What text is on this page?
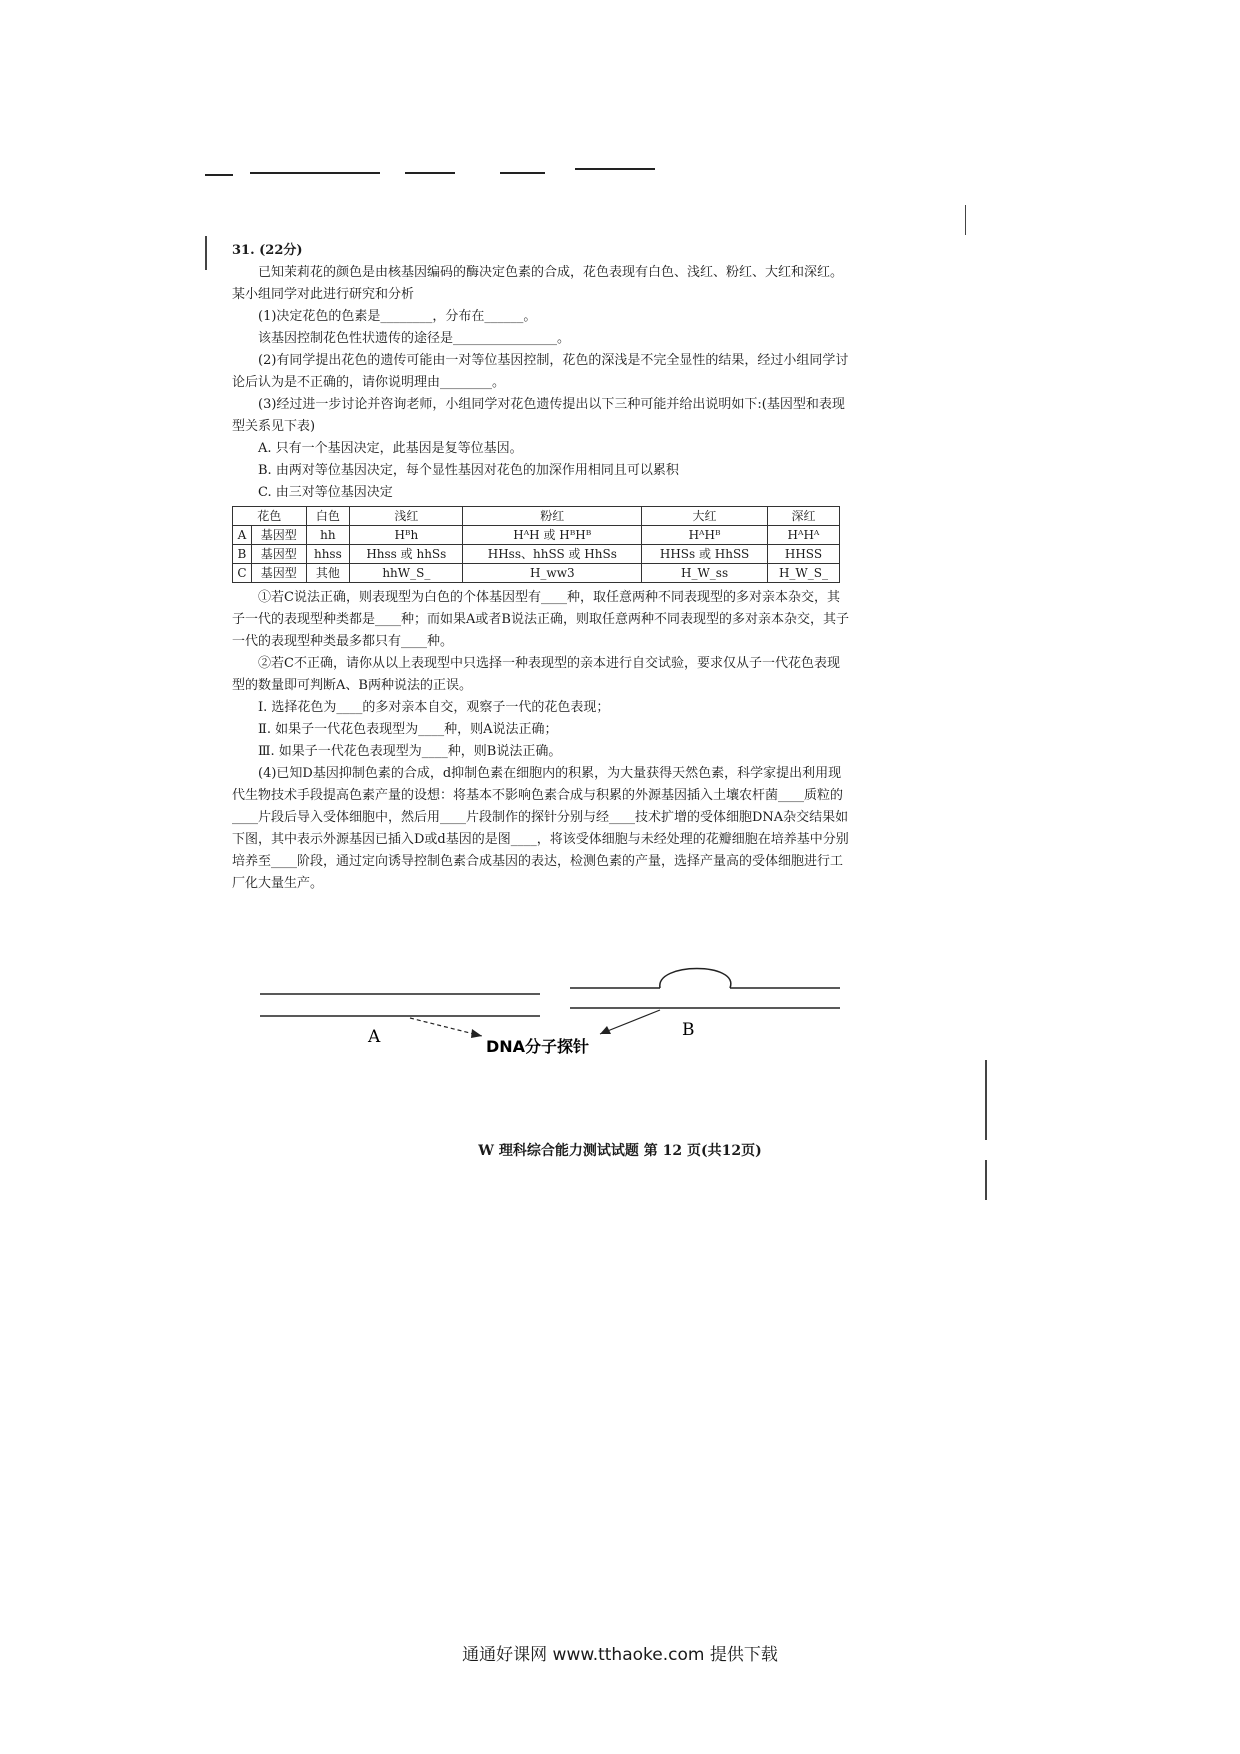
31. (22分)

已知茉莉花的颜色是由核基因编码的酶决定色素的合成，花色表现有白色、浅红、粉红、大红和深红。某小组同学对此进行研究和分析

(1)决定花色的色素是________，分布在______。

该基因控制花色性状遗传的途径是________________。

(2)有同学提出花色的遗传可能由一对等位基因控制，花色的深浅是不完全显性的结果，经过小组同学讨论后认为是不正确的，请你说明理由________。

(3)经过进一步讨论并咨询老师，小组同学对花色遗传提出以下三种可能并给出说明如下:(基因型和表现型关系见下表)

A. 只有一个基因决定，此基因是复等位基因。

B. 由两对等位基因决定，每个显性基因对花色的加深作用相同且可以累积

C. 由三对等位基因决定

花色		白色	浅红	粉红	大红	深红
A	基因型	hh	Hᴮh	HᴬH 或 HᴮHᴮ	HᴬHᴮ	HᴬHᴬ
B	基因型	hhss	Hhss 或 hhSs	HHss、hhSS 或 HhSs	HHSs 或 HhSS	HHSS
C	基因型	其他	hhW_S_	H_ww3	H_W_ss	H_W_S_

①若C说法正确，则表现型为白色的个体基因型有____种，取任意两种不同表现型的多对亲本杂交，其子一代的表现型种类都是____种；而如果A或者B说法正确，则取任意两种不同表现型的多对亲本杂交，其子一代的表现型种类最多都只有____种。

②若C不正确，请你从以上表现型中只选择一种表现型的亲本进行自交试验，要求仅从子一代花色表现型的数量即可判断A、B两种说法的正误。

Ⅰ. 选择花色为____的多对亲本自交，观察子一代的花色表现；

Ⅱ. 如果子一代花色表现型为____种，则A说法正确；

Ⅲ. 如果子一代花色表现型为____种，则B说法正确。

(4)已知D基因抑制色素的合成，d抑制色素在细胞内的积累，为大量获得天然色素，科学家提出利用现代生物技术手段提高色素产量的设想：将基本不影响色素合成与积累的外源基因插入土壤农杆菌____质粒的____片段后导入受体细胞中，然后用____片段制作的探针分别与经____技术扩增的受体细胞DNA杂交结果如下图，其中表示外源基因已插入D或d基因的是图____，将该受体细胞与未经处理的花瓣细胞在培养基中分别培养至____阶段，通过定向诱导控制色素合成基因的表达，检测色素的产量，选择产量高的受体细胞进行工厂化大量生产。

A	B
DNA分子探针
W 理科综合能力测试试题 第 12 页(共12页)
通通好课网 www.tthaoke.com 提供下载
